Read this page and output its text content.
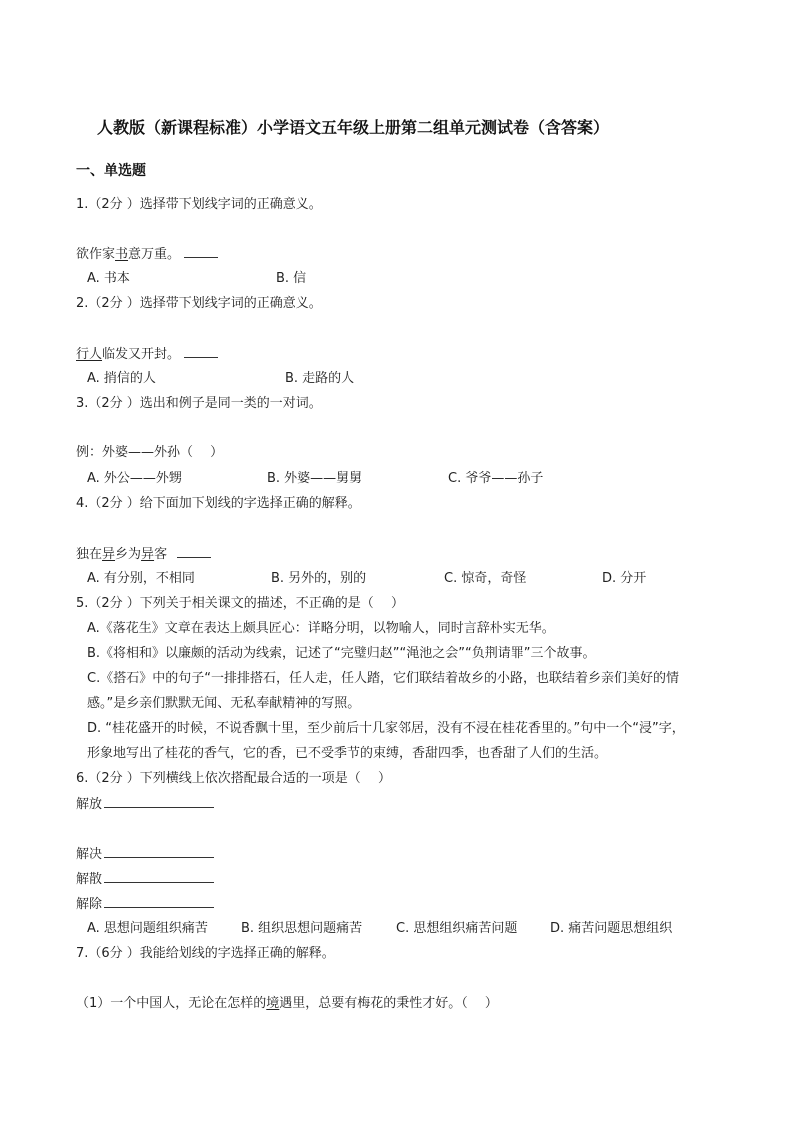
人教版（新课程标准）小学语文五年级上册第二组单元测试卷（含答案）
一、单选题
1.（2分 ）选择带下划线字词的正确意义。
欲作家书意万重。
A. 书本	B. 信
2.（2分 ）选择带下划线字词的正确意义。
行人临发又开封。
A. 捎信的人	B. 走路的人
3.（2分 ）选出和例子是同一类的一对词。
例：外婆——外孙（　 ）
A. 外公——外甥	B. 外婆——舅舅	C. 爷爷——孙子
4.（2分 ）给下面加下划线的字选择正确的解释。
独在异乡为异客
A. 有分别，不相同	B. 另外的，别的	C. 惊奇，奇怪	D. 分开
5.（2分 ）下列关于相关课文的描述，不正确的是（　 ）
A.《落花生》文章在表达上颇具匠心：详略分明，以物喻人，同时言辞朴实无华。
B.《将相和》以廉颇的活动为线索，记述了“完璧归赵”“渑池之会”“负荆请罪”三个故事。
C.《搭石》中的句子“一排排搭石，任人走，任人踏，它们联结着故乡的小路，也联结着乡亲们美好的情
感。”是乡亲们默默无闻、无私奉献精神的写照。
D. “桂花盛开的时候，不说香飘十里，至少前后十几家邻居，没有不浸在桂花香里的。”句中一个“浸”字，
形象地写出了桂花的香气，它的香，已不受季节的束缚，香甜四季，也香甜了人们的生活。
6.（2分 ）下列横线上依次搭配最合适的一项是（　 ）
解放
解决
解散
解除
A. 思想问题组织痛苦	B. 组织思想问题痛苦	C. 思想组织痛苦问题	D. 痛苦问题思想组织
7.（6分 ）我能给划线的字选择正确的解释。
（1）一个中国人，无论在怎样的境遇里，总要有梅花的秉性才好。（　 ）
